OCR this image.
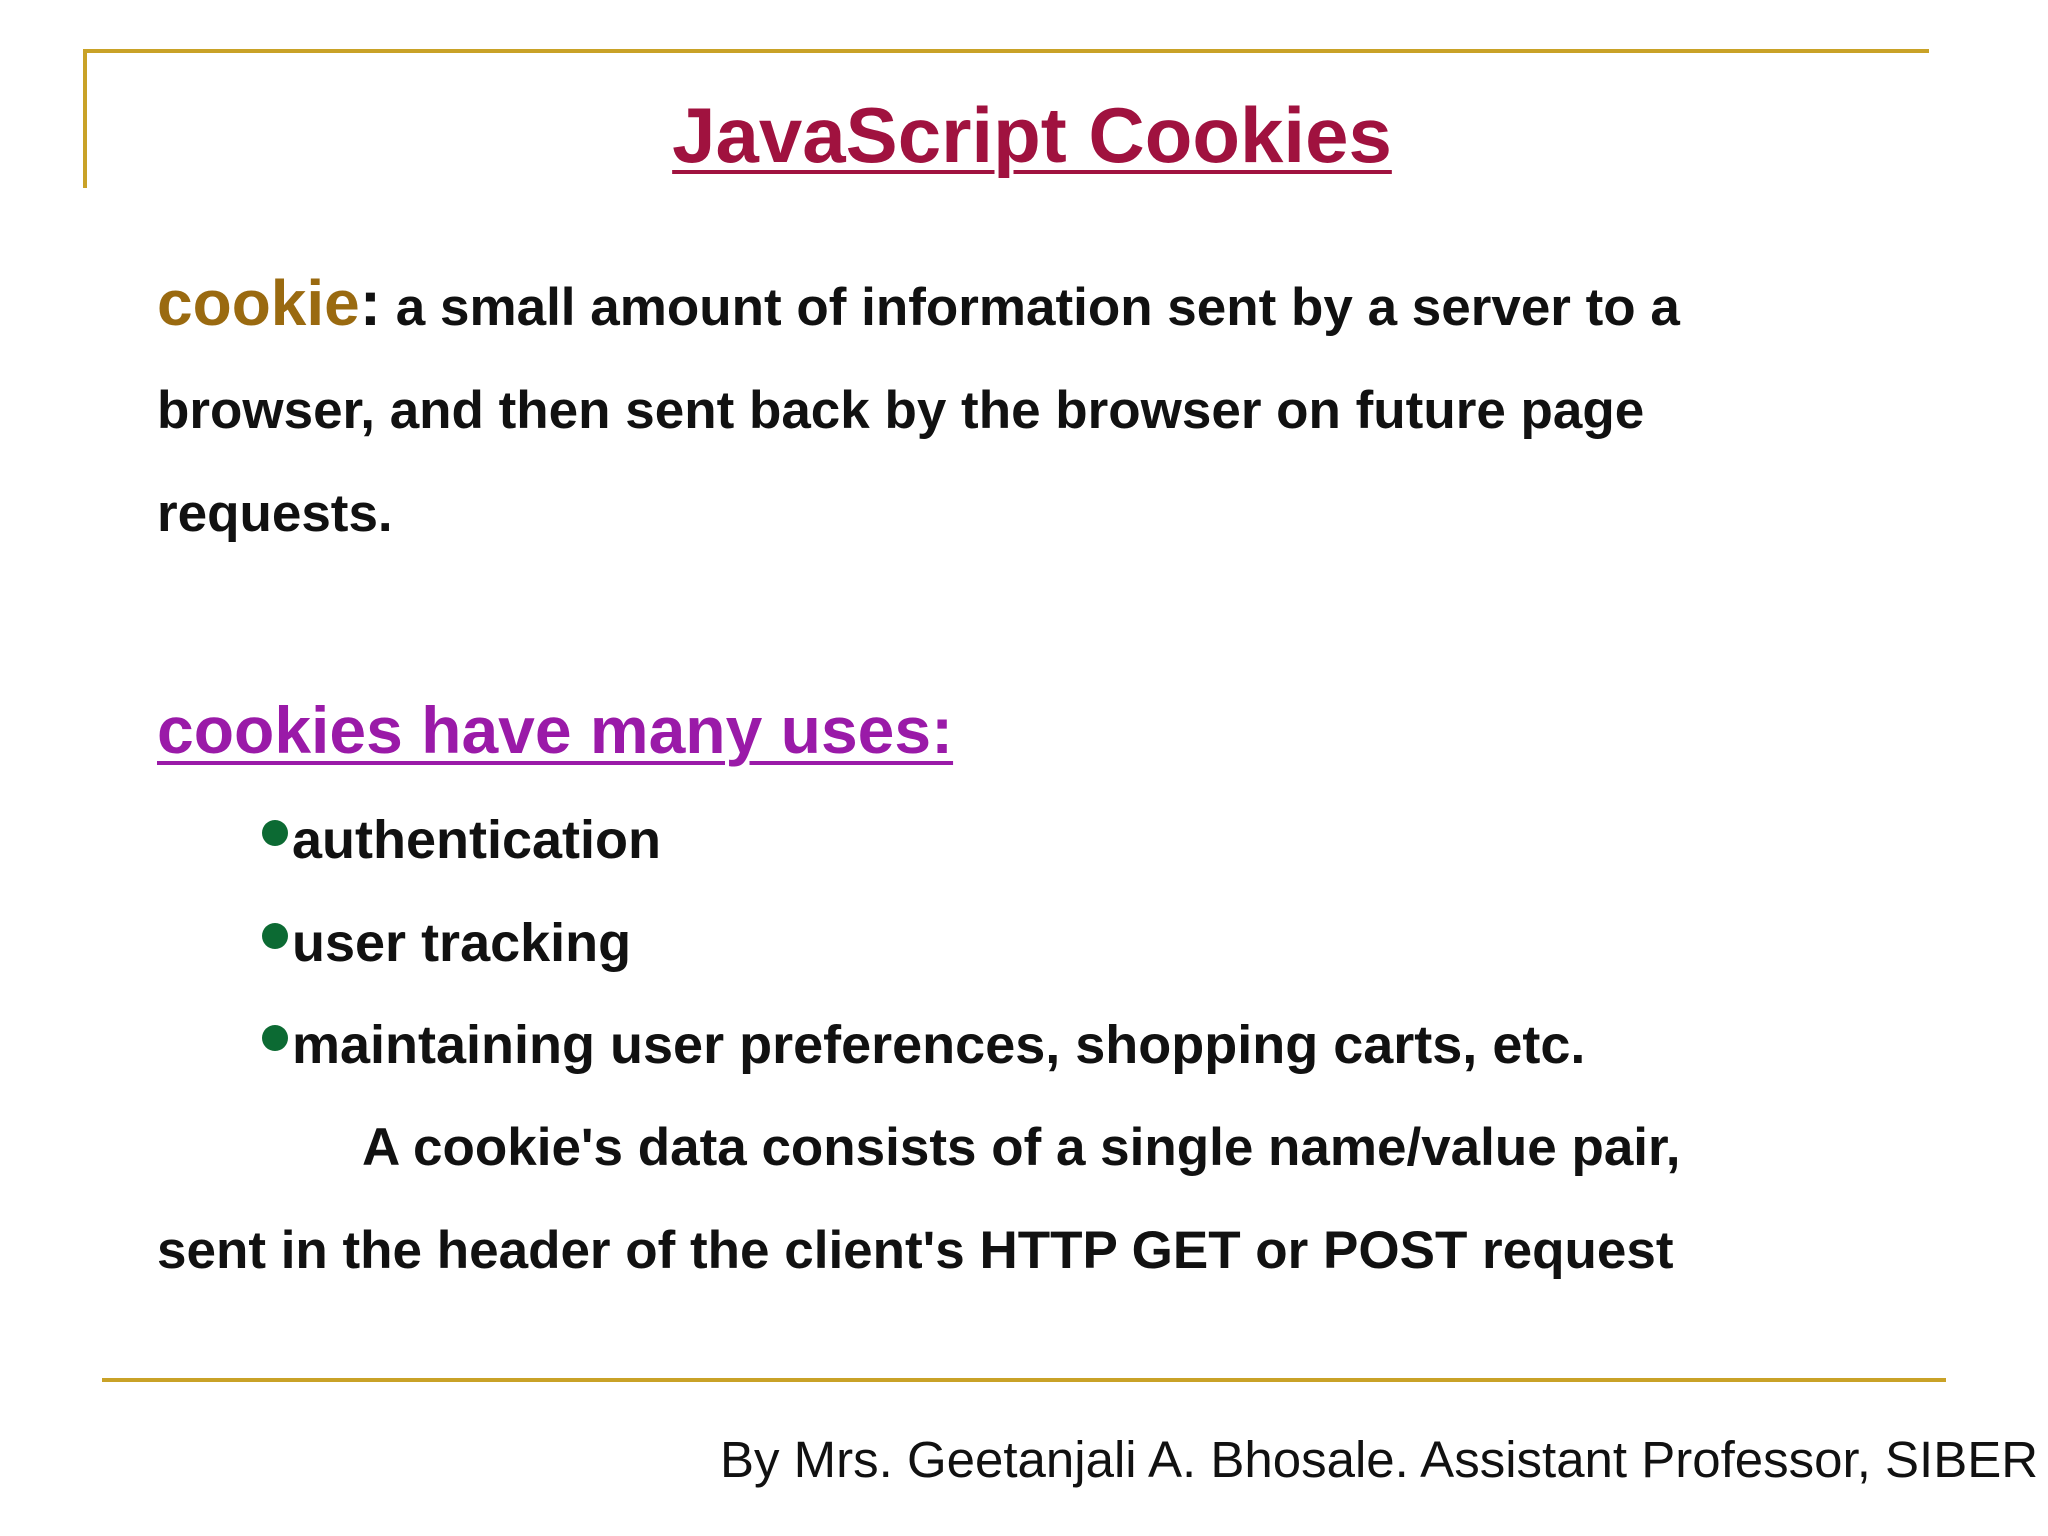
JavaScript Cookies
cookie: a small amount of information sent by a server to a
browser, and then sent back by the browser on future page
requests.
cookies have many uses:
authentication
user tracking
maintaining user preferences, shopping carts, etc.
A cookie's data consists of a single name/value pair,
sent in the header of the client's HTTP GET or POST request
By Mrs. Geetanjali A. Bhosale. Assistant Professor, SIBER
